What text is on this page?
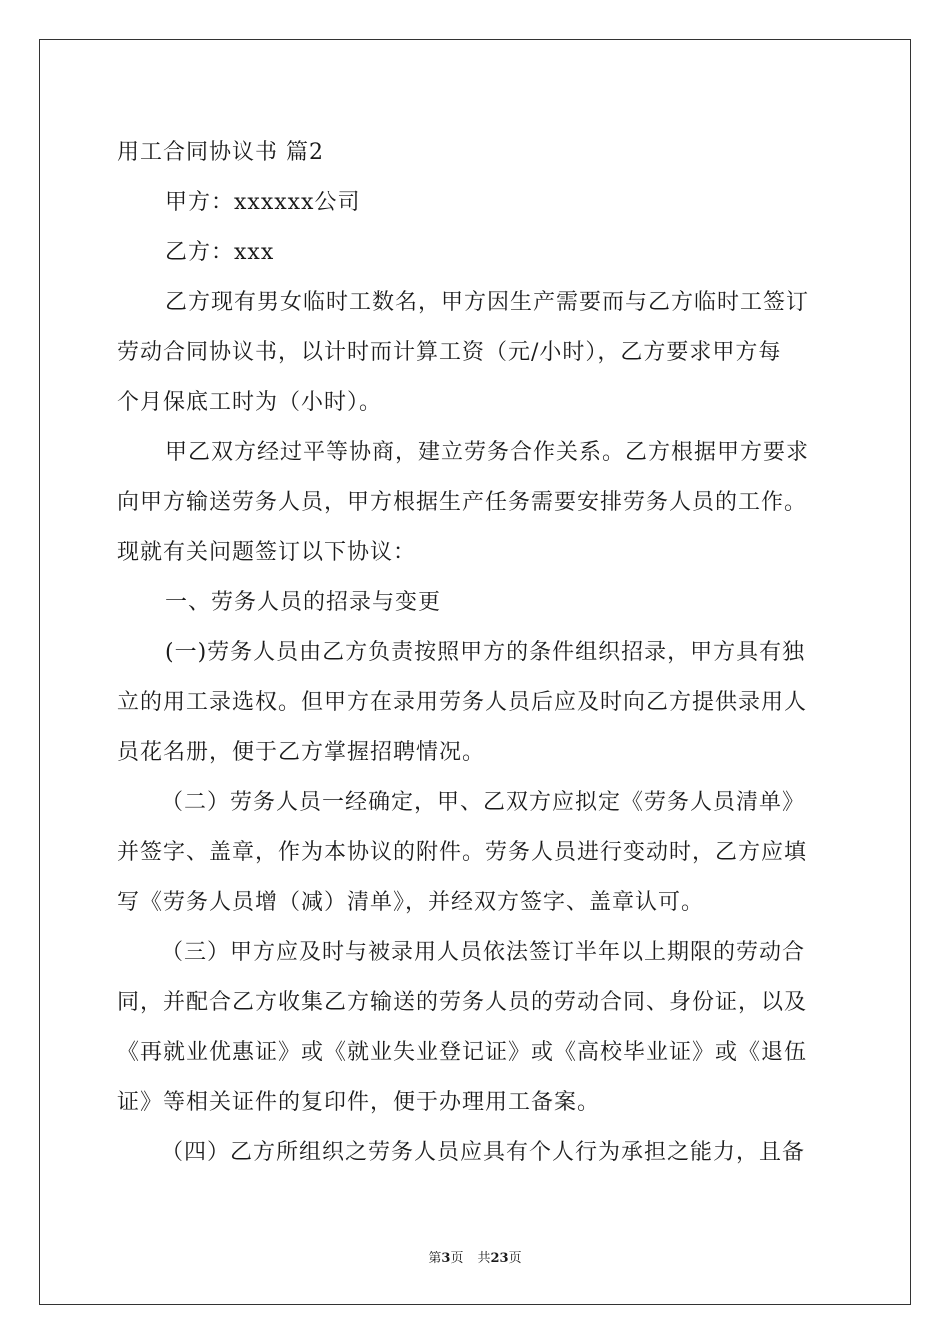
用工合同协议书 篇2
甲方：xxxxxx公司
乙方：xxx
乙方现有男女临时工数名，甲方因生产需要而与乙方临时工签订
劳动合同协议书，以计时而计算工资（元/小时），乙方要求甲方每
个月保底工时为（小时）。
甲乙双方经过平等协商，建立劳务合作关系。乙方根据甲方要求
向甲方输送劳务人员，甲方根据生产任务需要安排劳务人员的工作。
现就有关问题签订以下协议：
一、劳务人员的招录与变更
(一)劳务人员由乙方负责按照甲方的条件组织招录，甲方具有独
立的用工录选权。但甲方在录用劳务人员后应及时向乙方提供录用人
员花名册，便于乙方掌握招聘情况。
（二）劳务人员一经确定，甲、乙双方应拟定《劳务人员清单》
并签字、盖章，作为本协议的附件。劳务人员进行变动时，乙方应填
写《劳务人员增（减）清单》，并经双方签字、盖章认可。
（三）甲方应及时与被录用人员依法签订半年以上期限的劳动合
同，并配合乙方收集乙方输送的劳务人员的劳动合同、身份证，以及
《再就业优惠证》或《就业失业登记证》或《高校毕业证》或《退伍
证》等相关证件的复印件，便于办理用工备案。
（四）乙方所组织之劳务人员应具有个人行为承担之能力，且备
第3页 共23页
